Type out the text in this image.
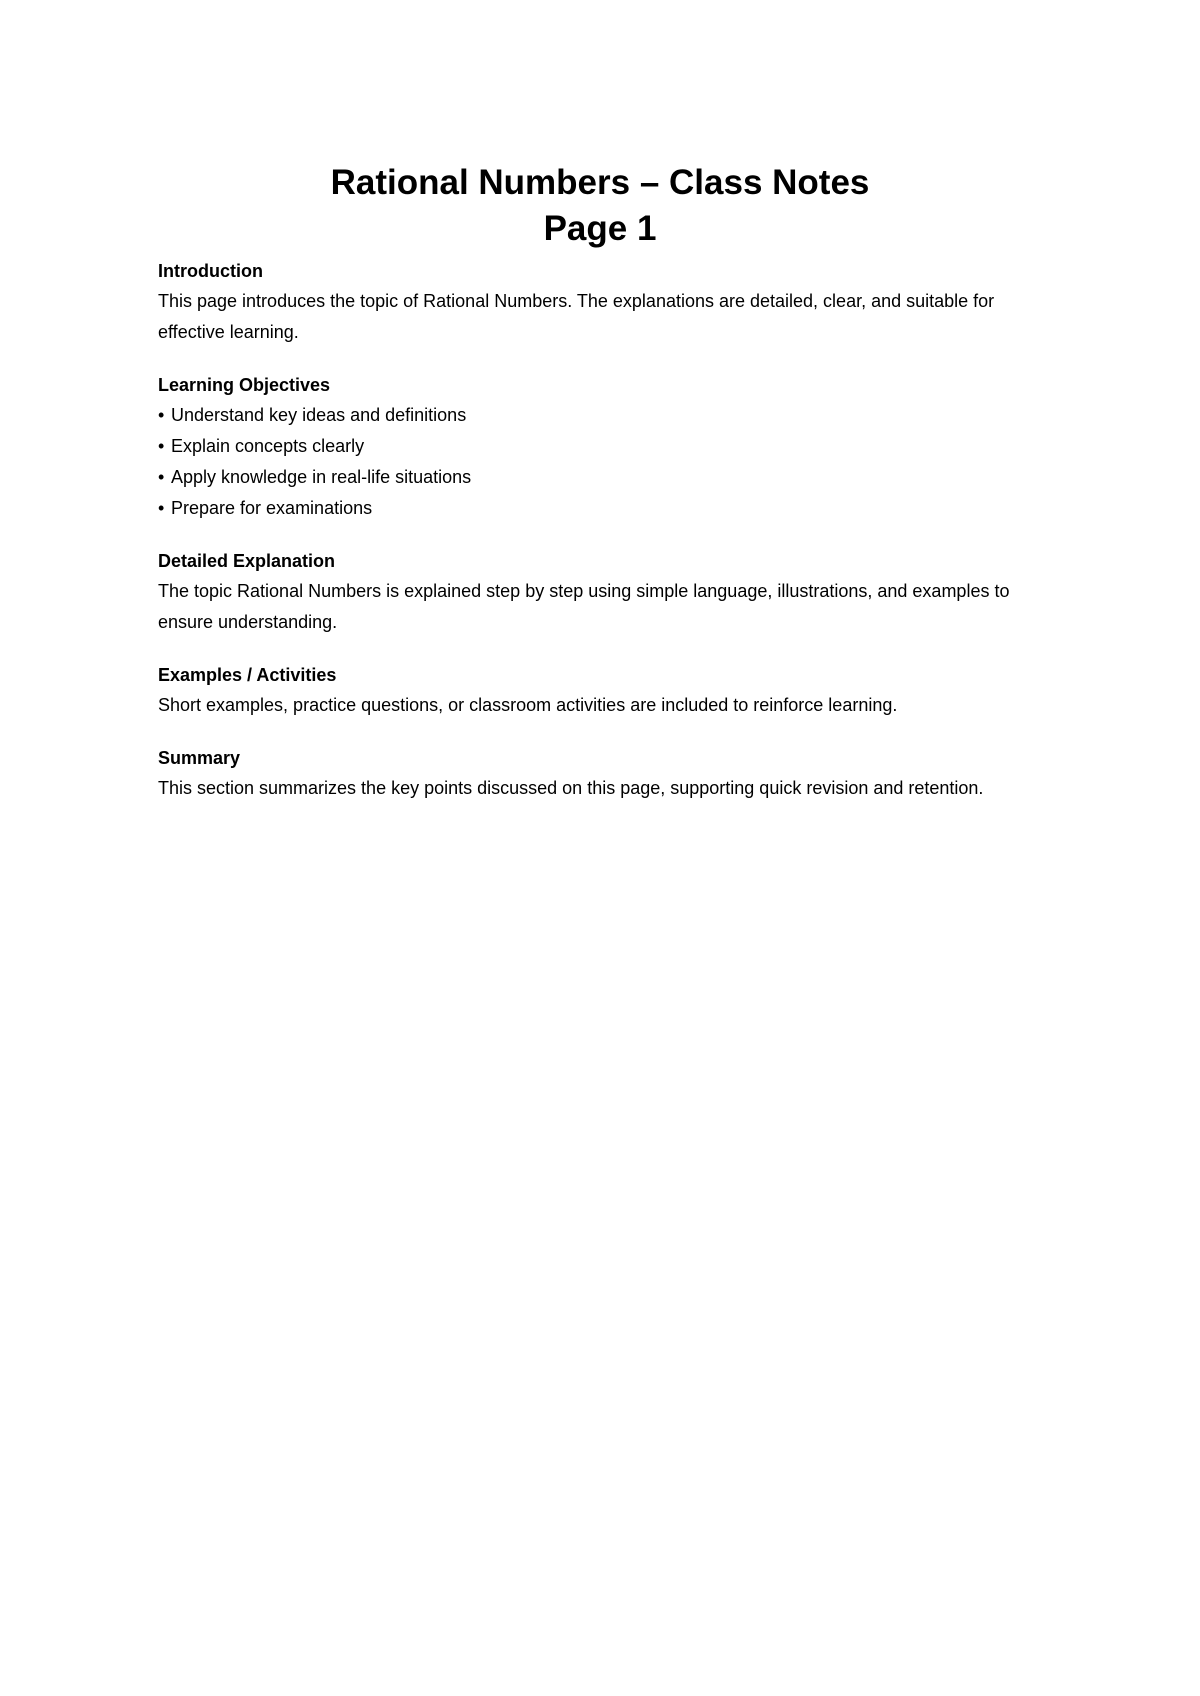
Rational Numbers – Class Notes

Page 1

Introduction

This page introduces the topic of Rational Numbers. The explanations are detailed, clear, and suitable for effective learning.

Learning Objectives

• Understand key ideas and definitions
• Explain concepts clearly
• Apply knowledge in real-life situations
• Prepare for examinations

Detailed Explanation

The topic Rational Numbers is explained step by step using simple language, illustrations, and examples to ensure understanding.

Examples / Activities

Short examples, practice questions, or classroom activities are included to reinforce learning.

Summary

This section summarizes the key points discussed on this page, supporting quick revision and retention.
